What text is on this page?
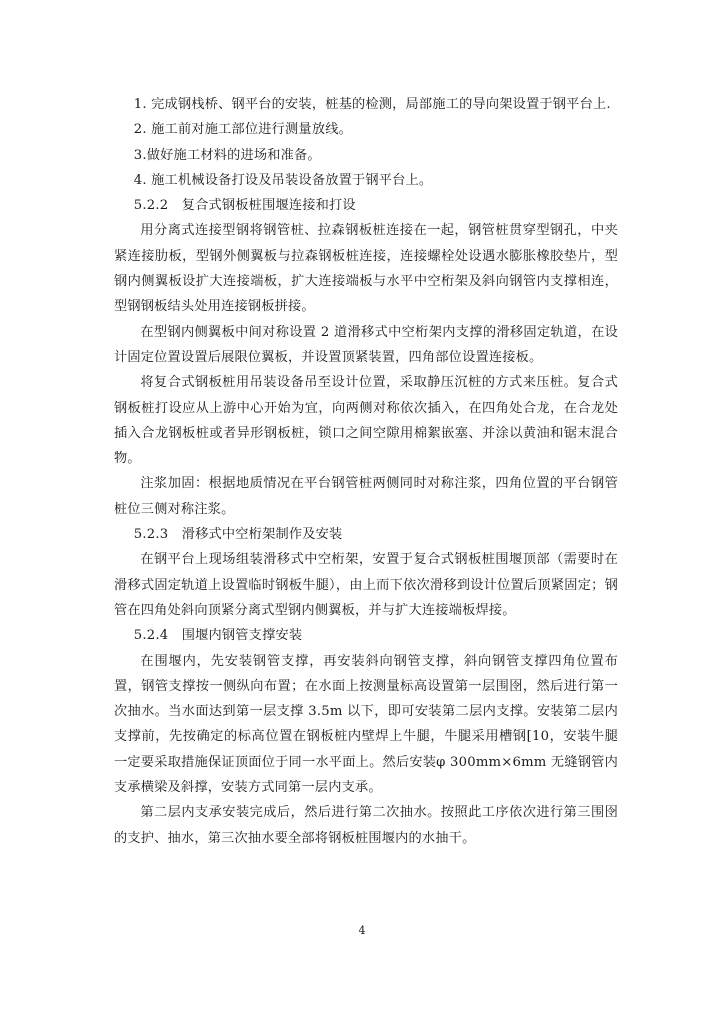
1. 完成钢栈桥、钢平台的安装，桩基的检测，局部施工的导向架设置于钢平台上.

2. 施工前对施工部位进行测量放线。

3.做好施工材料的进场和准备。

4. 施工机械设备打设及吊装设备放置于钢平台上。

5.2.2　复合式钢板桩围堰连接和打设

用分离式连接型钢将钢管桩、拉森钢板桩连接在一起，钢管桩贯穿型钢孔，中夹紧连接肋板，型钢外侧翼板与拉森钢板桩连接，连接螺栓处设遇水膨胀橡胶垫片，型钢内侧翼板设扩大连接端板，扩大连接端板与水平中空桁架及斜向钢管内支撑相连，型钢钢板结头处用连接钢板拼接。

在型钢内侧翼板中间对称设置 2 道滑移式中空桁架内支撑的滑移固定轨道，在设计固定位置设置后展限位翼板，并设置顶紧装置，四角部位设置连接板。

将复合式钢板桩用吊装设备吊至设计位置，采取静压沉桩的方式来压桩。复合式钢板桩打设应从上游中心开始为宜，向两侧对称依次插入，在四角处合龙，在合龙处插入合龙钢板桩或者异形钢板桩，锁口之间空隙用棉絮嵌塞、并涂以黄油和锯末混合物。

注浆加固：根据地质情况在平台钢管桩两侧同时对称注浆，四角位置的平台钢管桩位三侧对称注浆。

5.2.3　滑移式中空桁架制作及安装

在钢平台上现场组装滑移式中空桁架，安置于复合式钢板桩围堰顶部（需要时在滑移式固定轨道上设置临时钢板牛腿），由上而下依次滑移到设计位置后顶紧固定；钢管在四角处斜向顶紧分离式型钢内侧翼板，并与扩大连接端板焊接。

5.2.4　围堰内钢管支撑安装

在围堰内，先安装钢管支撑，再安装斜向钢管支撑，斜向钢管支撑四角位置布置，钢管支撑按一侧纵向布置；在水面上按测量标高设置第一层围囹，然后进行第一次抽水。当水面达到第一层支撑 3.5m 以下，即可安装第二层内支撑。安装第二层内支撑前，先按确定的标高位置在钢板桩内壁焊上牛腿，牛腿采用槽钢[10，安装牛腿一定要采取措施保证顶面位于同一水平面上。然后安装φ 300mm×6mm 无缝钢管内支承横梁及斜撑，安装方式同第一层内支承。

第二层内支承安装完成后，然后进行第二次抽水。按照此工序依次进行第三围囹的支护、抽水，第三次抽水要全部将钢板桩围堰内的水抽干。

4
